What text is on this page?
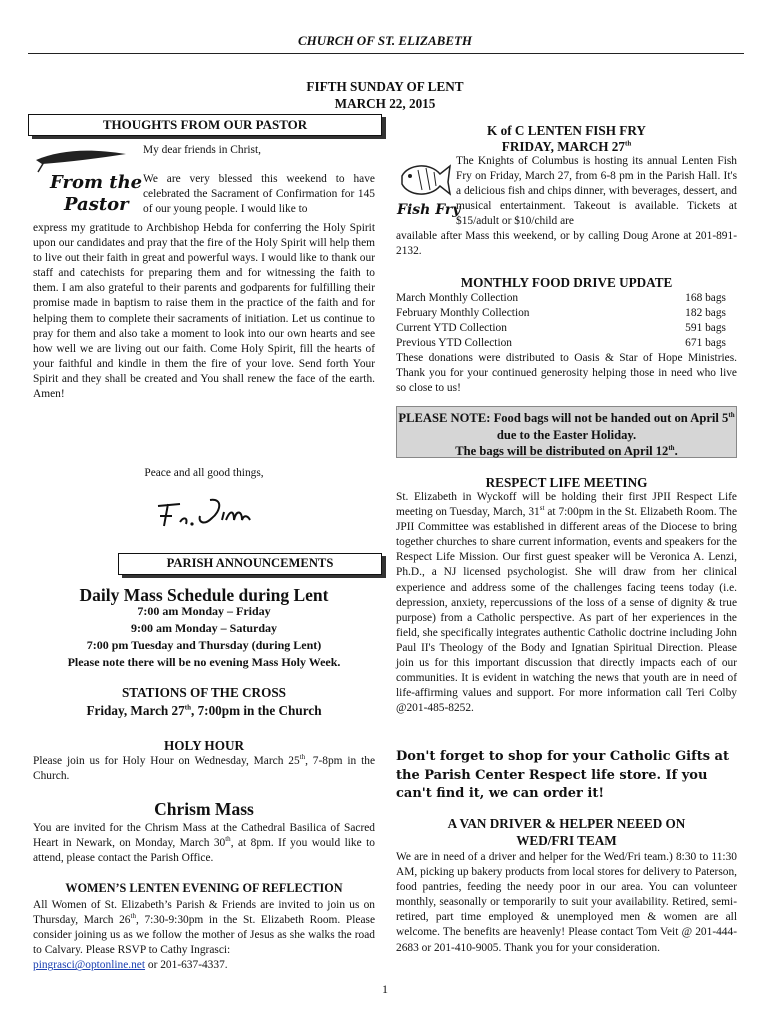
CHURCH OF ST. ELIZABETH
FIFTH SUNDAY OF LENT
MARCH 22, 2015
THOUGHTS FROM OUR PASTOR
From the
Pastor

My dear friends in Christ,

We are very blessed this weekend to have celebrated the Sacrament of Confirmation for 145 of our young people. I would like to

express my gratitude to Archbishop Hebda for conferring the Holy Spirit upon our candidates and pray that the fire of the Holy Spirit will help them to live out their faith in great and powerful ways. I would like to thank our staff and catechists for preparing them and for witnessing the faith to them. I am also grateful to their parents and godparents for fulfilling their promise made in baptism to raise them in the practice of the faith and for helping them to complete their sacraments of initiation. Let us continue to pray for them and also take a moment to look into our own hearts and see how well we are living out our faith. Come Holy Spirit, fill the hearts of your faithful and kindle in them the fire of your love. Send forth Your Spirit and they shall be created and You shall renew the face of the earth. Amen!

Peace and all good things,

Fr. Jim
PARISH ANNOUNCEMENTS
Daily Mass Schedule during Lent
7:00 am Monday – Friday
9:00 am Monday – Saturday
7:00 pm Tuesday and Thursday (during Lent)
Please note there will be no evening Mass Holy Week.
STATIONS OF THE CROSS
Friday, March 27th, 7:00pm in the Church
HOLY HOUR

Please join us for Holy Hour on Wednesday, March 25th, 7-8pm in the Church.

Chrism Mass

You are invited for the Chrism Mass at the Cathedral Basilica of Sacred Heart in Newark, on Monday, March 30th, at 8pm. If you would like to attend, please contact the Parish Office.

WOMEN’S LENTEN EVENING OF REFLECTION

All Women of St. Elizabeth’s Parish & Friends are invited to join us on Thursday, March 26th, 7:30-9:30pm in the St. Elizabeth Room. Please consider joining us as we follow the mother of Jesus as she walks the road to Calvary. Please RSVP to Cathy Ingrasci:
pingrasci@optonline.net or 201-637-4337.

K of C LENTEN FISH FRY
FRIDAY, MARCH 27th
Fish Fry

The Knights of Columbus is hosting its annual Lenten Fish Fry on Friday, March 27, from 6-8 pm in the Parish Hall. It's a delicious fish and chips dinner, with beverages, dessert, and musical entertainment. Takeout is available. Tickets at $15/adult or $10/child are

available after Mass this weekend, or by calling Doug Arone at 201-891-2132.

MONTHLY FOOD DRIVE UPDATE
March Monthly Collection	168 bags
February Monthly Collection	182 bags
Current YTD Collection	591 bags
Previous YTD Collection	671 bags

These donations were distributed to Oasis & Star of Hope Ministries. Thank you for your continued generosity helping those in need who live so close to us!

PLEASE NOTE: Food bags will not be handed out on April 5th due to the Easter Holiday.
The bags will be distributed on April 12th.

RESPECT LIFE MEETING

St. Elizabeth in Wyckoff will be holding their first JPII Respect Life meeting on Tuesday, March, 31st at 7:00pm in the St. Elizabeth Room. The JPII Committee was established in different areas of the Diocese to bring together churches to share current information, events and speakers for the Respect Life Mission. Our first guest speaker will be Veronica A. Lenzi, Ph.D., a NJ licensed psychologist. She will draw from her clinical experience and address some of the challenges facing teens today (i.e. depression, anxiety, repercussions of the loss of a sense of dignity & true purpose) from a Catholic perspective. As part of her experiences in the field, she specifically integrates authentic Catholic doctrine including John Paul II's Theology of the Body and Ignatian Spiritual Direction. Please join us for this important discussion that directly impacts each of our communities. It is evident in watching the news that youth are in need of life-affirming values and support. For more information call Teri Colby @201-485-8252.

Don't forget to shop for your Catholic Gifts at the Parish Center Respect life store. If you can't find it, we can order it!
A VAN DRIVER & HELPER NEEED ON
WED/FRI TEAM

We are in need of a driver and helper for the Wed/Fri team.) 8:30 to 11:30 AM, picking up bakery products from local stores for delivery to Paterson, food pantries, feeding the needy poor in our area. You can volunteer monthly, seasonally or temporarily to suit your availability. Retired, semi-retired, part time employed & unemployed men & women are all welcome. The benefits are heavenly! Please contact Tom Veit @ 201-444-2683 or 201-410-9005. Thank you for your consideration.

1
